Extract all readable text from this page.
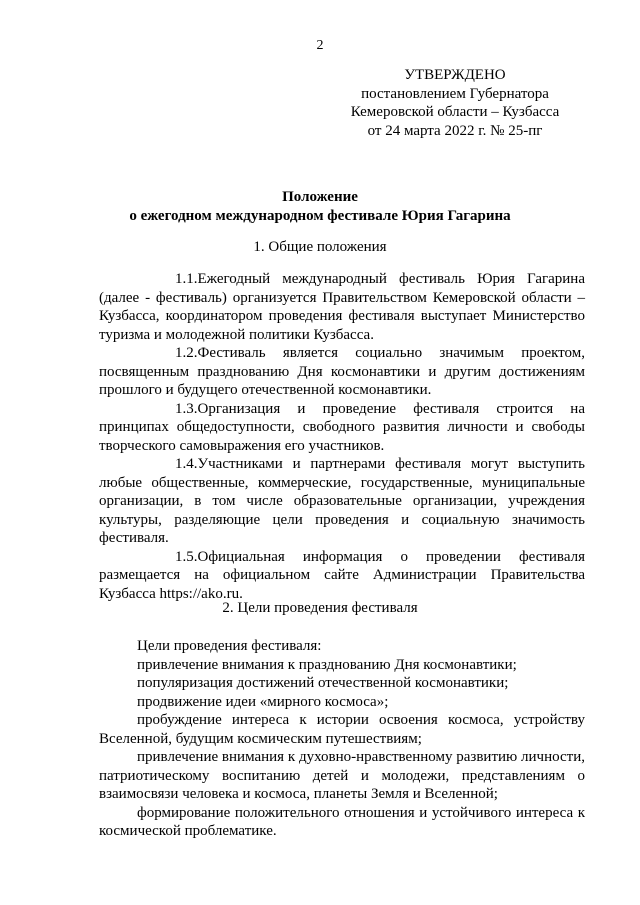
2
УТВЕРЖДЕНО
постановлением Губернатора
Кемеровской области – Кузбасса
от 24 марта 2022 г. № 25-пг
Положение
о ежегодном международном фестивале Юрия Гагарина
1. Общие положения

1.1.Ежегодный международный фестиваль Юрия Гагарина (далее - фестиваль) организуется Правительством Кемеровской области – Кузбасса, координатором проведения фестиваля выступает Министерство туризма и молодежной политики Кузбасса.

1.2.Фестиваль является социально значимым проектом, посвященным празднованию Дня космонавтики и другим достижениям прошлого и будущего отечественной космонавтики.

1.3.Организация и проведение фестиваля строится на принципах общедоступности, свободного развития личности и свободы творческого самовыражения его участников.

1.4.Участниками и партнерами фестиваля могут выступить любые общественные, коммерческие, государственные, муниципальные организации, в том числе образовательные организации, учреждения культуры, разделяющие цели проведения и социальную значимость фестиваля.

1.5.Официальная информация о проведении фестиваля размещается на официальном сайте Администрации Правительства Кузбасса https://ako.ru.

2. Цели проведения фестиваля

Цели проведения фестиваля:

привлечение внимания к празднованию Дня космонавтики;

популяризация достижений отечественной космонавтики;

продвижение идеи «мирного космоса»;

пробуждение интереса к истории освоения космоса, устройству Вселенной, будущим космическим путешествиям;

привлечение внимания к духовно-нравственному развитию личности, патриотическому воспитанию детей и молодежи, представлениям о взаимосвязи человека и космоса, планеты Земля и Вселенной;

формирование положительного отношения и устойчивого интереса к космической проблематике.
